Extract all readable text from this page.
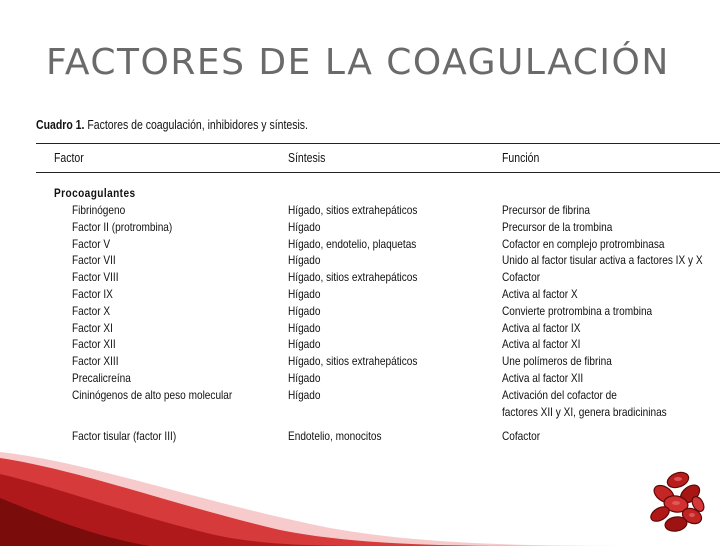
FACTORES DE LA COAGULACIÓN
Cuadro 1. Factores de coagulación, inhibidores y síntesis.
Factor	Síntesis	Función
Procoagulantes
Fibrinógeno	Hígado, sitios extrahepáticos	Precursor de fibrina
Factor II (protrombina)	Hígado	Precursor de la trombina
Factor V	Hígado, endotelio, plaquetas	Cofactor en complejo protrombinasa
Factor VII	Hígado	Unido al factor tisular activa a factores IX y X
Factor VIII	Hígado, sitios extrahepáticos	Cofactor
Factor IX	Hígado	Activa al factor X
Factor X	Hígado	Convierte protrombina a trombina
Factor XI	Hígado	Activa al factor IX
Factor XII	Hígado	Activa al factor XI
Factor XIII	Hígado, sitios extrahepáticos	Une polímeros de fibrina
Precalicreína	Hígado	Activa al factor XII
Cininógenos de alto peso molecular	Hígado	Activación del cofactor de
factores XII y XI, genera bradicininas
Factor tisular (factor III)	Endotelio, monocitos	Cofactor
